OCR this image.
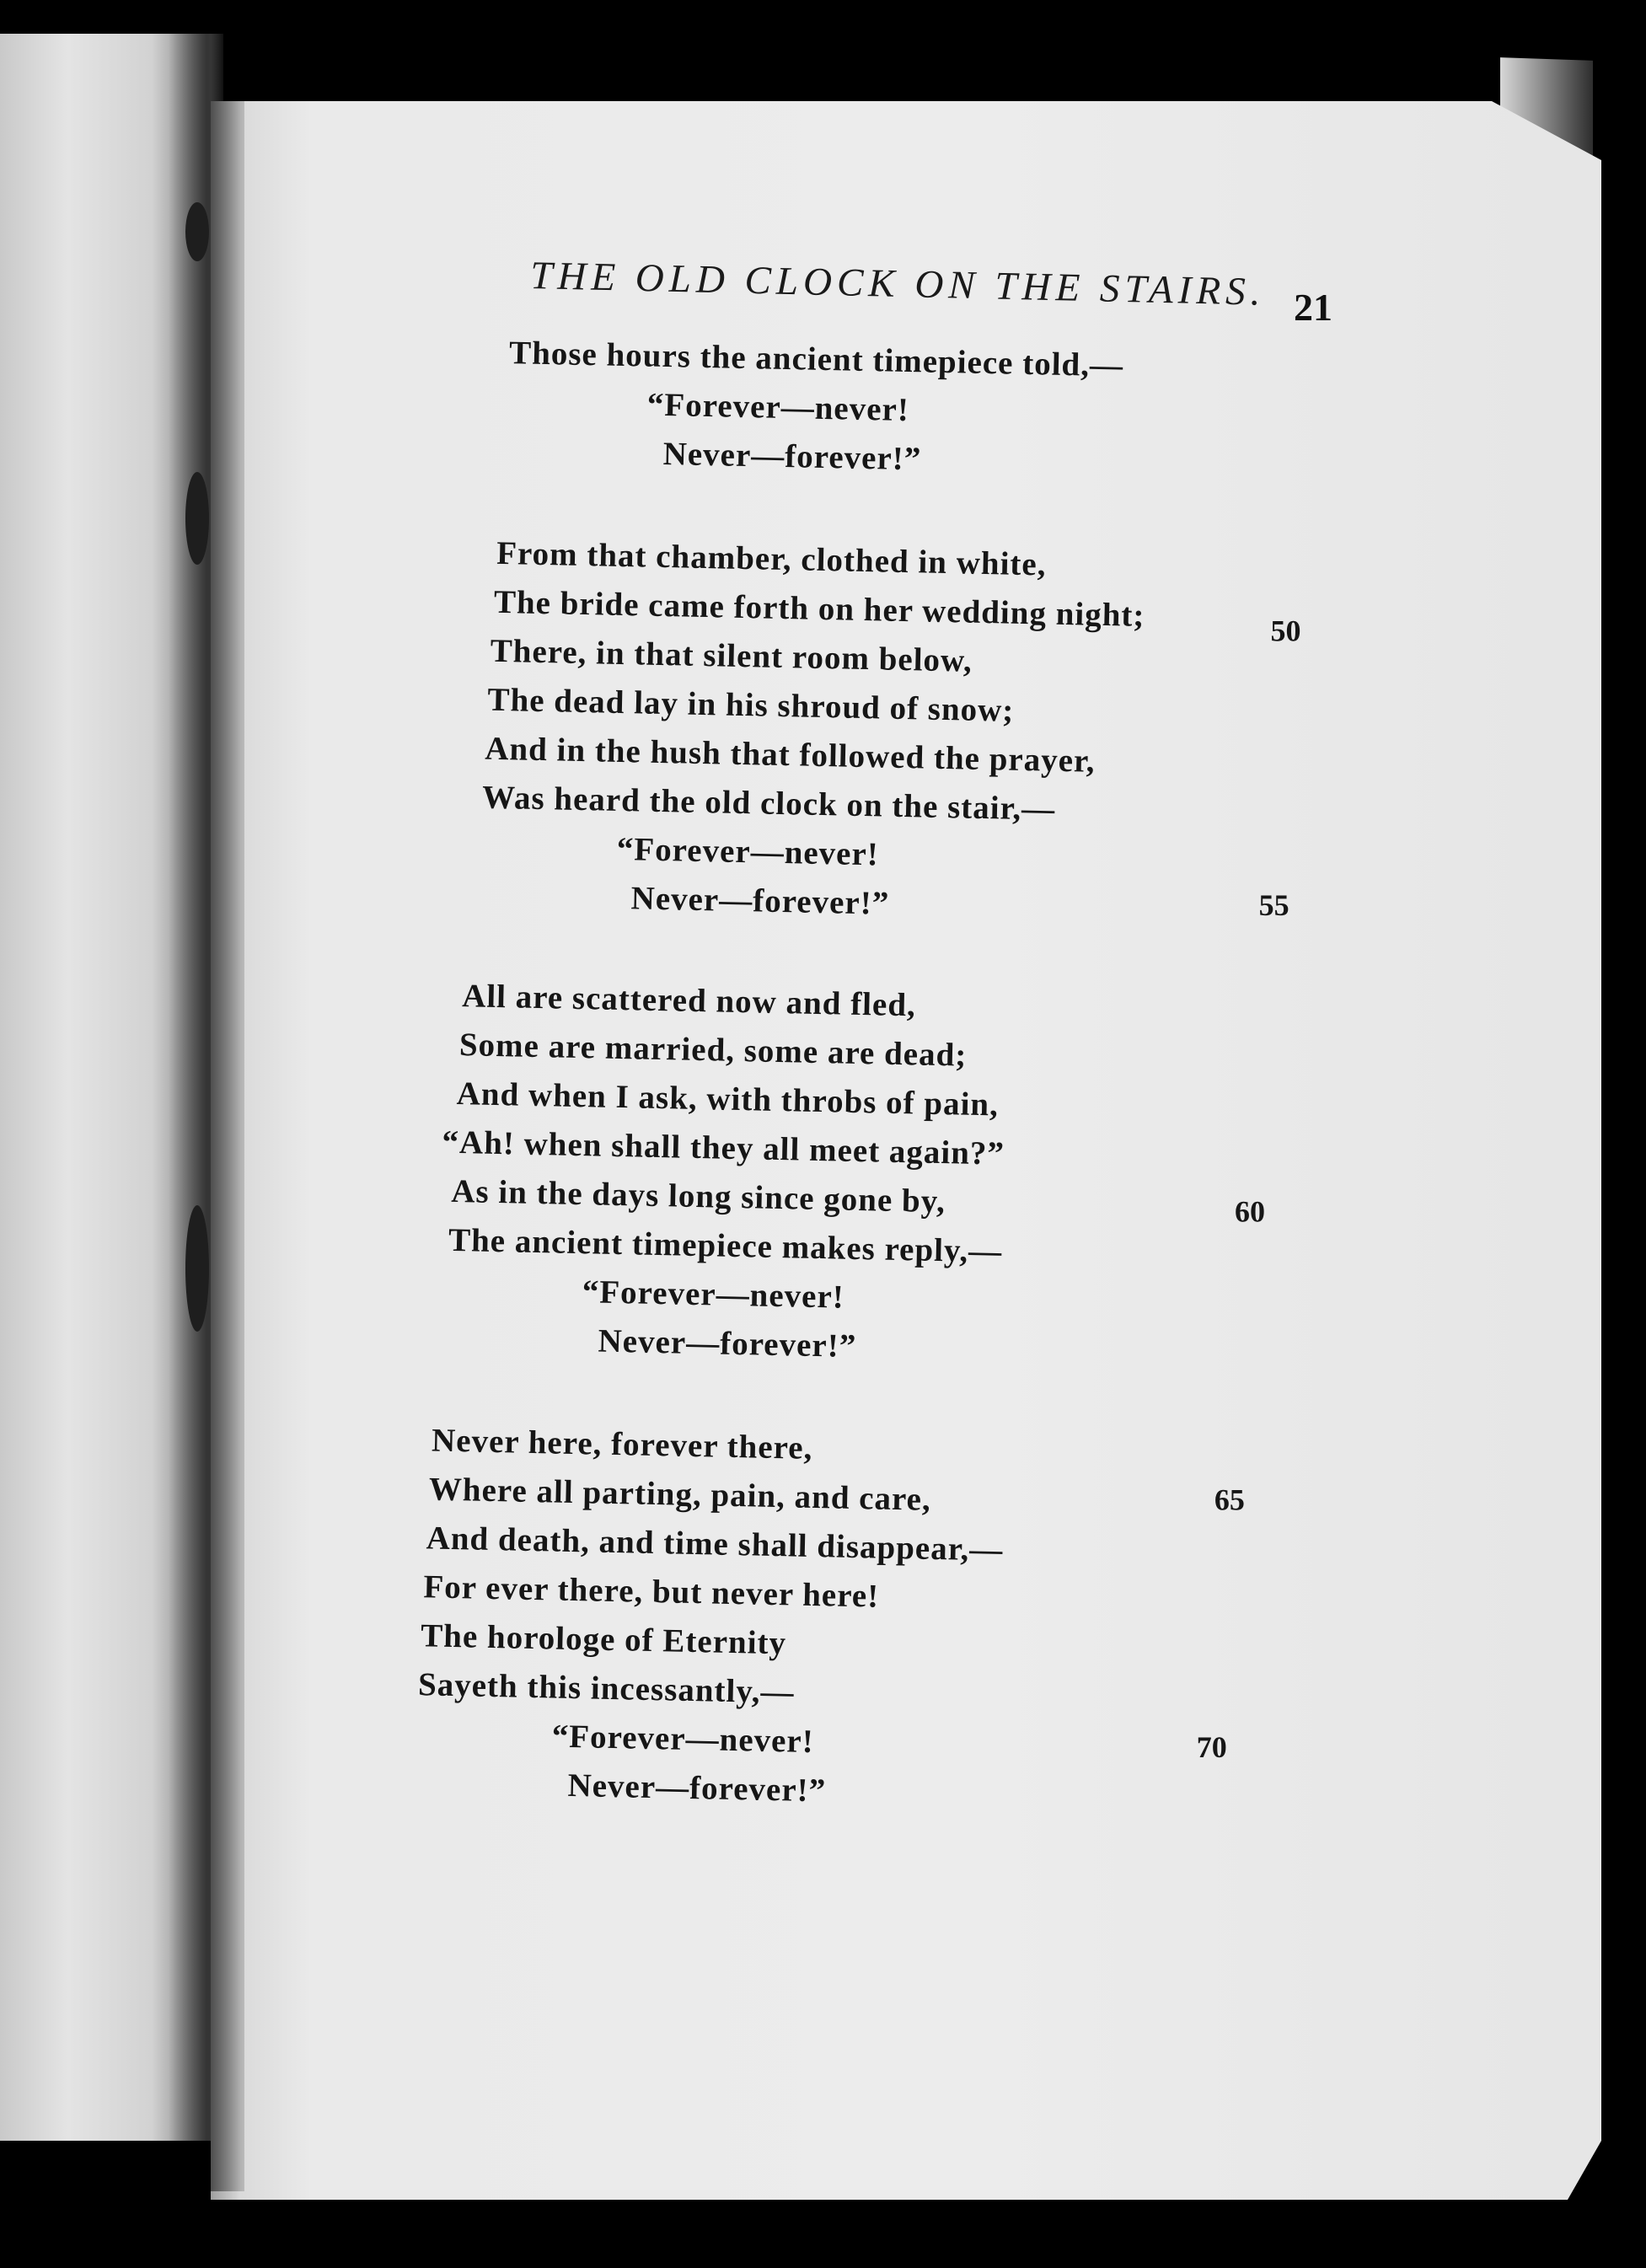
THE OLD CLOCK ON THE STAIRS. 21
Those hours the ancient timepiece told,—
“Forever—never!
Never—forever!”
From that chamber, clothed in white,
The bride came forth on her wedding night;
There, in that silent room below,
The dead lay in his shroud of snow;
And in the hush that followed the prayer,
Was heard the old clock on the stair,—
“Forever—never!
Never—forever!”
All are scattered now and fled,
Some are married, some are dead;
And when I ask, with throbs of pain,
“Ah! when shall they all meet again?”
As in the days long since gone by,
The ancient timepiece makes reply,—
“Forever—never!
Never—forever!”
Never here, forever there,
Where all parting, pain, and care,
And death, and time shall disappear,—
For ever there, but never here!
The horologe of Eternity
Sayeth this incessantly,—
“Forever—never!
Never—forever!”
50
55
60
65
70
